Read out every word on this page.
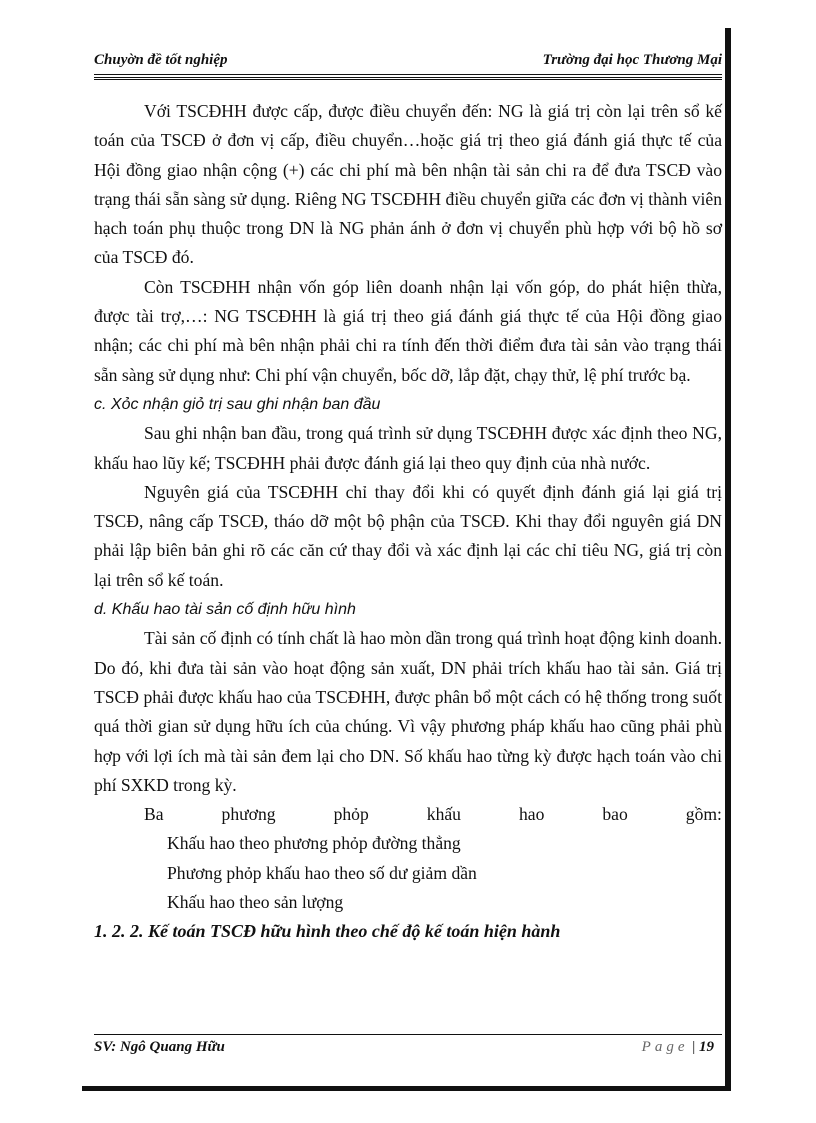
Chuyờn đề tốt nghiệp	Trường đại học Thương Mại

Với TSCĐHH được cấp, được điều chuyển đến: NG là giá trị còn lại trên sổ kế toán của TSCĐ ở đơn vị cấp, điều chuyển…hoặc giá trị theo giá đánh giá thực tế của Hội đồng giao nhận cộng (+) các chi phí mà bên nhận tài sản chi ra để đưa TSCĐ vào trạng thái sẵn sàng sử dụng. Riêng NG TSCĐHH điều chuyển giữa các đơn vị thành viên hạch toán phụ thuộc trong DN là NG phản ánh ở đơn vị chuyển phù hợp với bộ hồ sơ của TSCĐ đó.

Còn TSCĐHH nhận vốn góp liên doanh nhận lại vốn góp, do phát hiện thừa, được tài trợ,…: NG TSCĐHH là giá trị theo giá đánh giá thực tế của Hội đồng giao nhận; các chi phí mà bên nhận phải chi ra tính đến thời điểm đưa tài sản vào trạng thái sẵn sàng sử dụng như: Chi phí vận chuyển, bốc dỡ, lắp đặt, chạy thử, lệ phí trước bạ.

c. Xỏc nhận giỏ trị sau ghi nhận ban đầu

Sau ghi nhận ban đầu, trong quá trình sử dụng TSCĐHH được xác định theo NG, khấu hao lũy kế; TSCĐHH phải được đánh giá lại theo quy định của nhà nước.

Nguyên giá của TSCĐHH chỉ thay đổi khi có quyết định đánh giá lại giá trị TSCĐ, nâng cấp TSCĐ, tháo dỡ một bộ phận của TSCĐ. Khi thay đổi nguyên giá DN phải lập biên bản ghi rõ các căn cứ thay đổi và xác định lại các chỉ tiêu NG, giá trị còn lại trên sổ kế toán.

d. Khấu hao tài sản cố định hữu hình

Tài sản cố định có tính chất là hao mòn dần trong quá trình hoạt động kinh doanh. Do đó, khi đưa tài sản vào hoạt động sản xuất, DN phải trích khấu hao tài sản. Giá trị TSCĐ phải được khấu hao của TSCĐHH, được phân bổ một cách có hệ thống trong suốt quá thời gian sử dụng hữu ích của chúng. Vì vậy phương pháp khấu hao cũng phải phù hợp với lợi ích mà tài sản đem lại cho DN. Số khấu hao từng kỳ được hạch toán vào chi phí SXKD trong kỳ.

Ba	phương	phỏp	khấu	hao	bao	gồm:

Khấu hao theo phương phỏp đường thẳng

Phương phỏp khấu hao theo số dư giảm dần

Khấu hao theo sản lượng

1. 2. 2. Kế toán TSCĐ hữu hình theo chế độ kế toán hiện hành

SV: Ngô Quang Hữu	Page | 19
